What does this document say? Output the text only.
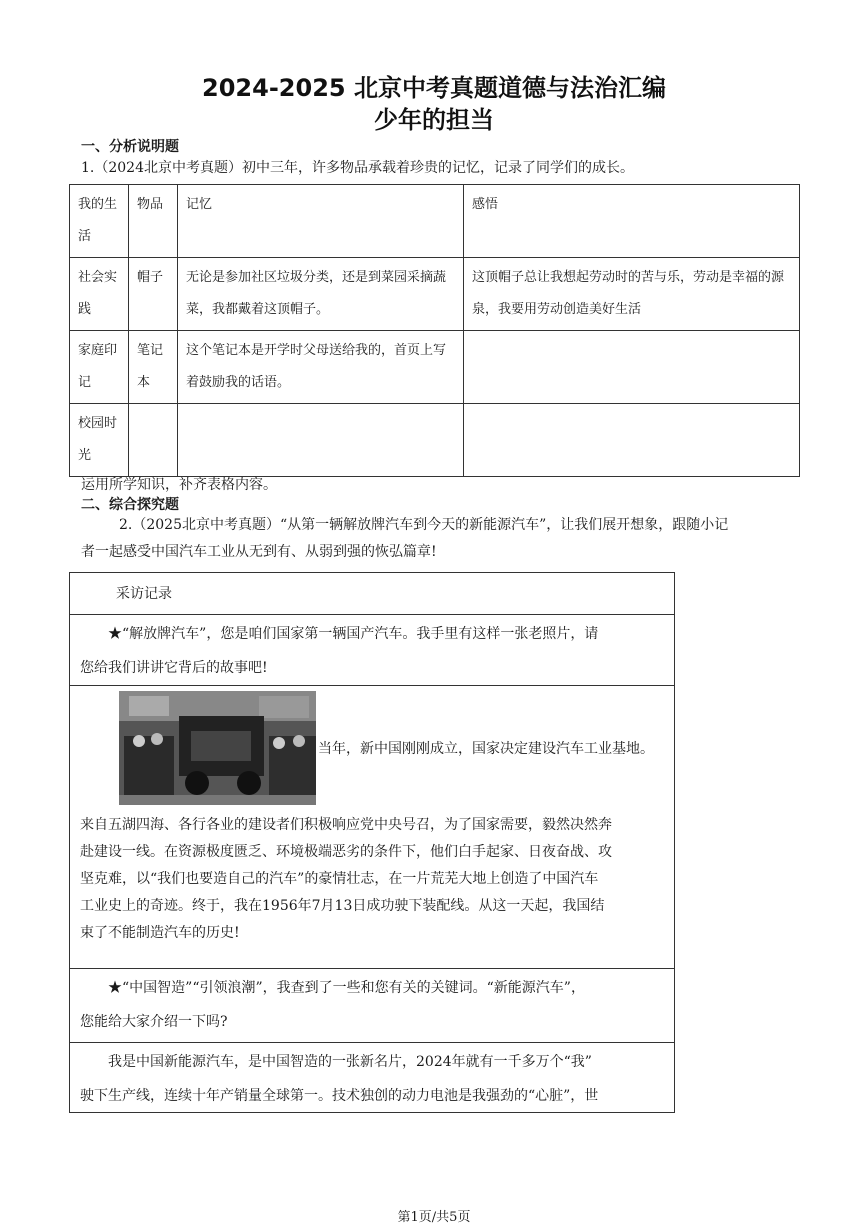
2024-2025 北京中考真题道德与法治汇编
少年的担当
一、分析说明题
1.（2024北京中考真题）初中三年，许多物品承载着珍贵的记忆，记录了同学们的成长。
我的生活	物品	记忆	感悟
社会实践	帽子	无论是参加社区垃圾分类，还是到菜园采摘蔬菜，我都戴着这顶帽子。	这顶帽子总让我想起劳动时的苦与乐，劳动是幸福的源泉，我要用劳动创造美好生活
家庭印记	笔记本	这个笔记本是开学时父母送给我的，首页上写着鼓励我的话语。	
校园时光			
运用所学知识，补齐表格内容。
二、综合探究题
2.（2025北京中考真题）“从第一辆解放牌汽车到今天的新能源汽车”，让我们展开想象，跟随小记
者一起感受中国汽车工业从无到有、从弱到强的恢弘篇章!
采访记录
★“解放牌汽车”，您是咱们国家第一辆国产汽车。我手里有这样一张老照片，请
您给我们讲讲它背后的故事吧!
当年，新中国刚刚成立，国家决定建设汽车工业基地。
来自五湖四海、各行各业的建设者们积极响应党中央号召，为了国家需要，毅然决然奔
赴建设一线。在资源极度匮乏、环境极端恶劣的条件下，他们白手起家、日夜奋战、攻
坚克难，以“我们也要造自己的汽车”的豪情壮志，在一片荒芜大地上创造了中国汽车
工业史上的奇迹。终于，我在1956年7月13日成功驶下装配线。从这一天起，我国结
束了不能制造汽车的历史!
★“中国智造”“引领浪潮”，我查到了一些和您有关的关键词。“新能源汽车”，
您能给大家介绍一下吗?
我是中国新能源汽车，是中国智造的一张新名片，2024年就有一千多万个“我”
驶下生产线，连续十年产销量全球第一。技术独创的动力电池是我强劲的“心脏”，世
第1页/共5页
